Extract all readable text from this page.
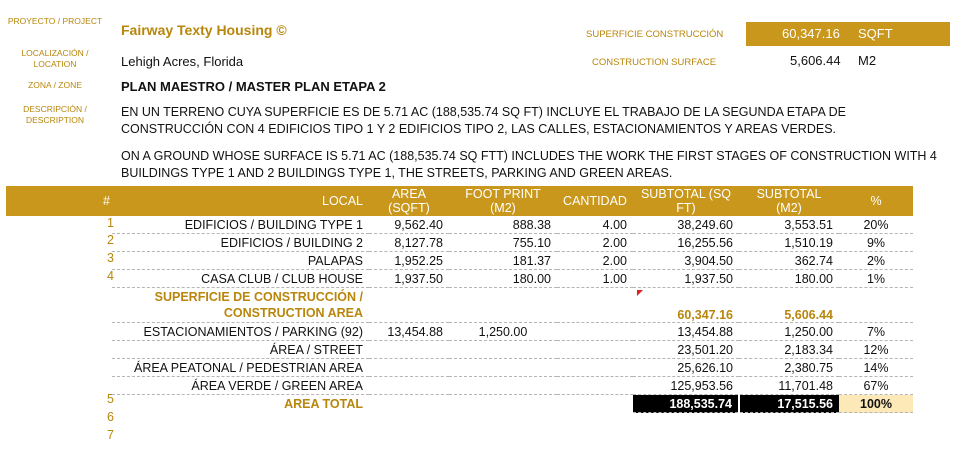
PROYECTO / PROJECT
LOCALIZACIÓN / LOCATION
ZONA / ZONE
DESCRIPCIÓN / DESCRIPTION
Fairway Texty Housing ©
Lehigh Acres, Florida
PLAN MAESTRO / MASTER PLAN ETAPA 2
EN UN TERRENO CUYA SUPERFICIE ES DE 5.71 AC (188,535.74 SQ FT) INCLUYE EL TRABAJO DE LA SEGUNDA ETAPA DE CONSTRUCCIÓN CON 4 EDIFICIOS TIPO 1 Y 2 EDIFICIOS TIPO 2, LAS CALLES, ESTACIONAMIENTOS Y AREAS VERDES.
ON A GROUND WHOSE SURFACE IS 5.71 AC (188,535.74 SQ FTT) INCLUDES THE WORK THE FIRST STAGES OF CONSTRUCTION WITH 4 BUILDINGS TYPE 1 AND 2 BUILDINGS TYPE 1, THE STREETS, PARKING AND GREEN AREAS.
SUPERFICIE CONSTRUCCIÓN
CONSTRUCTION SURFACE
60,347.16 SQFT
5,606.44 M2
#
1
2
3
4
5
6
7
LOCAL	AREA (SQFT)	FOOT PRINT (M2)	CANTIDAD	SUBTOTAL (SQ FT)	SUBTOTAL (M2)	%
EDIFICIOS / BUILDING TYPE 1	9,562.40	888.38	4.00	38,249.60	3,553.51	20%
EDIFICIOS / BUILDING 2	8,127.78	755.10	2.00	16,255.56	1,510.19	9%
PALAPAS	1,952.25	181.37	2.00	3,904.50	362.74	2%
CASA CLUB / CLUB HOUSE	1,937.50	180.00	1.00	1,937.50	180.00	1%
SUPERFICIE DE CONSTRUCCIÓN /
CONSTRUCTION AREA				60,347.16	5,606.44	
ESTACIONAMIENTOS / PARKING (92)	13,454.88	1,250.00		13,454.88	1,250.00	7%
ÁREA / STREET				23,501.20	2,183.34	12%
ÁREA PEATONAL / PEDESTRIAN AREA				25,626.10	2,380.75	14%
ÁREA VERDE / GREEN AREA				125,953.56	11,701.48	67%
AREA TOTAL				188,535.74	17,515.56	100%
